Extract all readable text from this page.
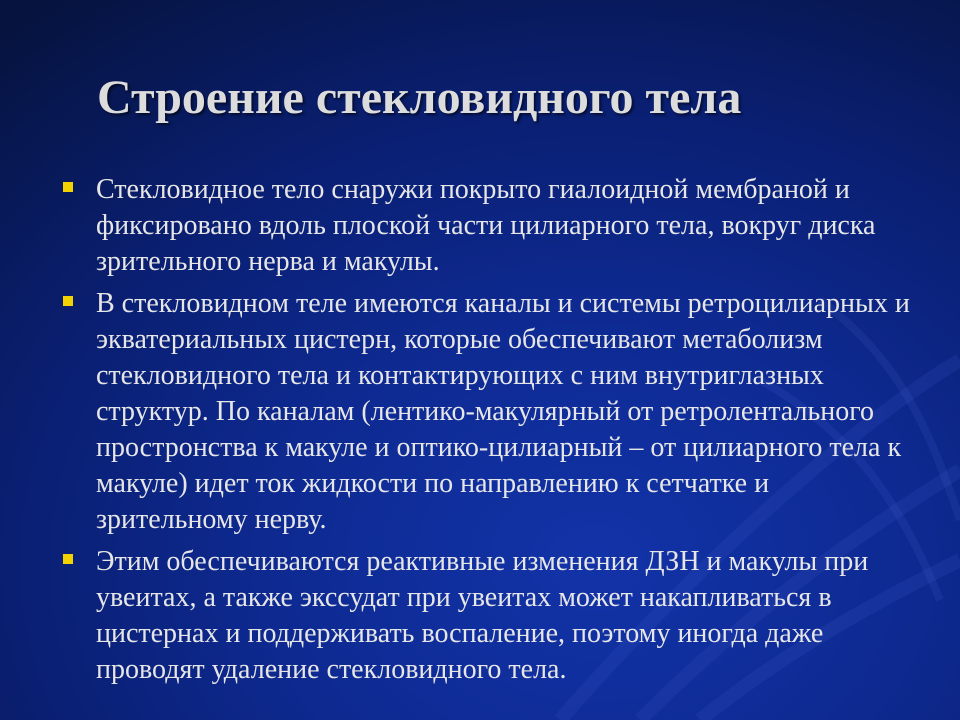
Строение стекловидного тела
Стекловидное тело снаружи покрыто гиалоидной мембраной и фиксировано вдоль плоской части цилиарного тела, вокруг диска зрительного нерва и макулы.
В стекловидном теле имеются каналы и системы ретроцилиарных и экватериальных цистерн, которые обеспечивают метаболизм стекловидного тела и контактирующих с ним внутриглазных структур. По каналам (лентико-макулярный от ретролентального простронства к макуле и оптико-цилиарный – от цилиарного тела к макуле) идет ток жидкости по направлению к сетчатке и зрительному нерву.
Этим обеспечиваются реактивные изменения ДЗН и макулы при увеитах, а также экссудат при увеитах может накапливаться в цистернах и поддерживать воспаление, поэтому иногда даже проводят удаление стекловидного тела.
